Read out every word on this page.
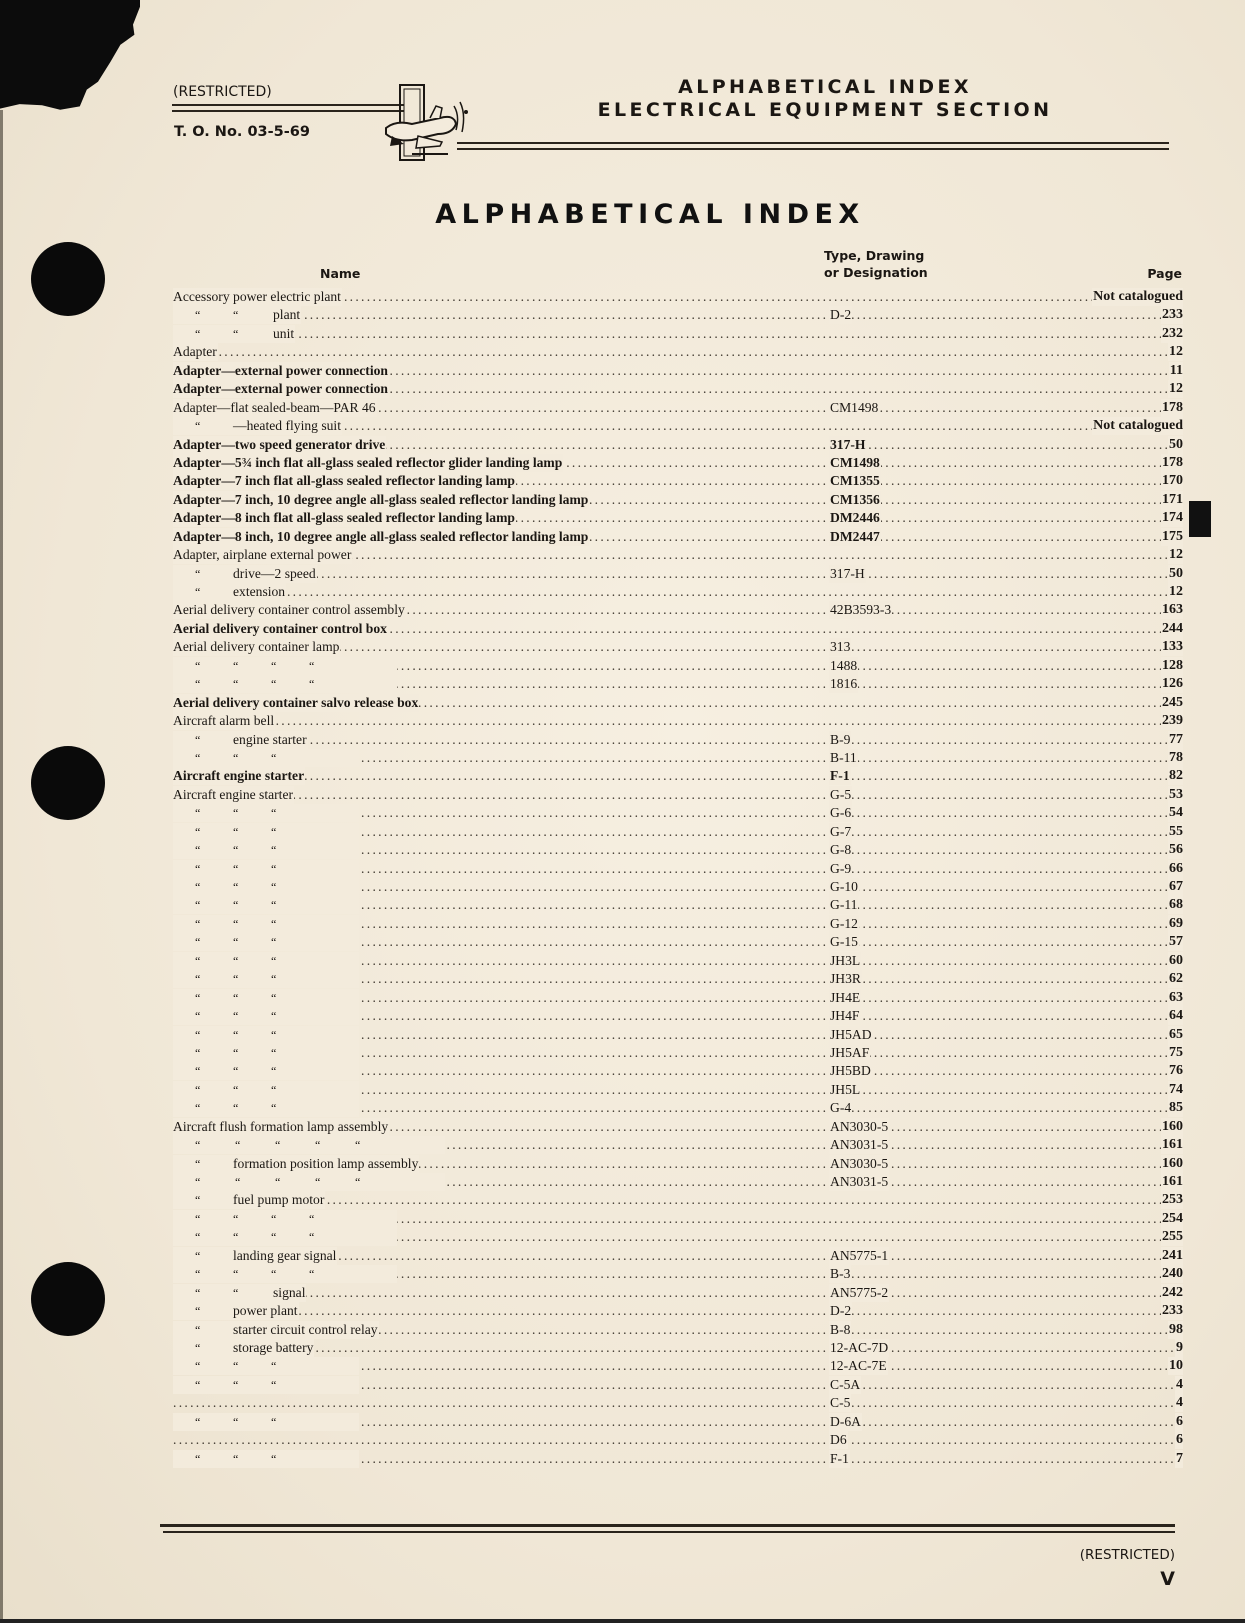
(RESTRICTED)
T. O. No. 03-5-69
ALPHABETICAL INDEX
ELECTRICAL EQUIPMENT SECTION
ALPHABETICAL INDEX
Name
Type, Drawing
or Designation	Page
.....
Accessory power electric plant	Not catalogued
.....
“	“	plant	D-2	233
.....
“	“	unit	232
.....
Adapter	12
.....
Adapter—external power connection	11
.....
Adapter—external power connection	12
.....
Adapter—flat sealed-beam—PAR 46	CM1498	178
.....
“ —heated flying suit	Not catalogued
.....
Adapter—two speed generator drive	317-H	50
.....
Adapter—5¾ inch flat all-glass sealed reflector glider landing lamp	CM1498	178
.....
Adapter—7 inch flat all-glass sealed reflector landing lamp	CM1355	170
.....
Adapter—7 inch, 10 degree angle all-glass sealed reflector landing lamp	CM1356	171
.....
Adapter—8 inch flat all-glass sealed reflector landing lamp	DM2446	174
.....
Adapter—8 inch, 10 degree angle all-glass sealed reflector landing lamp	DM2447	175
.....
Adapter, airplane external power	12
.....
“ drive—2 speed	317-H	50
.....
“ extension	12
.....
Aerial delivery container control assembly	42B3593-3	163
.....
Aerial delivery container control box	244
.....
Aerial delivery container lamp	313	133
.....
“	“	“	“	1488	128
.....
“	“	“	“	1816	126
.....
Aerial delivery container salvo release box	245
.....
Aircraft alarm bell	239
.....
“ engine starter	B-9	77
.....
“	“	“	B-11	78
.....
Aircraft engine starter	F-1	82
.....
Aircraft engine starter	G-5	53
.....
“	“	“	G-6	54
.....
“	“	“	G-7	55
.....
“	“	“	G-8	56
.....
“	“	“	G-9	66
.....
“	“	“	G-10	67
.....
“	“	“	G-11	68
.....
“	“	“	G-12	69
.....
“	“	“	G-15	57
.....
“	“	“	JH3L	60
.....
“	“	“	JH3R	62
.....
“	“	“	JH4E	63
.....
“	“	“	JH4F	64
.....
“	“	“	JH5AD	65
.....
“	“	“	JH5AF	75
.....
“	“	“	JH5BD	76
.....
“	“	“	JH5L	74
.....
“	“	“	G-4	85
.....
Aircraft flush formation lamp assembly	AN3030-5	160
.....
“	“	“	“	“	AN3031-5	161
.....
“ formation position lamp assembly	AN3030-5	160
.....
“	“	“	“	“	AN3031-5	161
.....
“ fuel pump motor	253
.....
“	“	“	“	254
.....
“	“	“	“	255
.....
“ landing gear signal	AN5775-1	241
.....
“	“	“	“	B-3	240
.....
“	“	signal	AN5775-2	242
.....
“ power plant	D-2	233
.....
“ starter circuit control relay	B-8	98
.....
“ storage battery	12-AC-7D	9
.....
“	“	“	12-AC-7E	10
.....
“	“	“	C-5A	4
.....
C-5	4
.....
“	“	“	D-6A	6
.....
D6	6
.....
“	“	“	F-1	7
(RESTRICTED)
V
